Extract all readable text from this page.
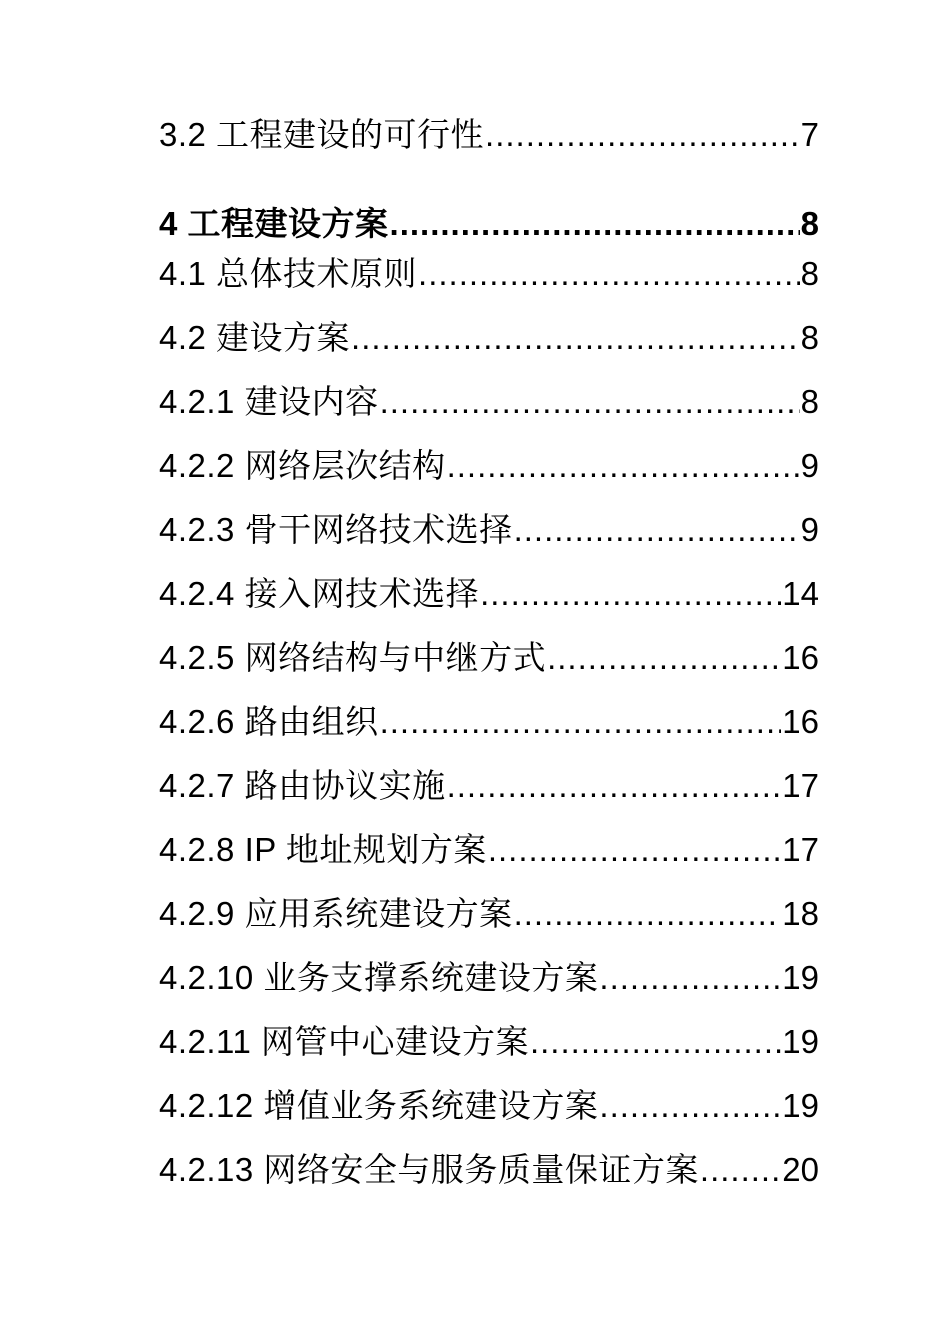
3.2 工程建设的可行性 .....	7
4 工程建设方案 .....	8
4.1 总体技术原则 .....	8
4.2 建设方案 .....	8
4.2.1 建设内容 .....	8
4.2.2 网络层次结构 .....	9
4.2.3 骨干网络技术选择 .....	9
4.2.4 接入网技术选择 .....	14
4.2.5 网络结构与中继方式 .....	16
4.2.6 路由组织 .....	16
4.2.7 路由协议实施 .....	17
4.2.8 IP 地址规划方案 .....	17
4.2.9 应用系统建设方案 .....	18
4.2.10 业务支撑系统建设方案 .....	19
4.2.11 网管中心建设方案 .....	19
4.2.12 增值业务系统建设方案 .....	19
4.2.13 网络安全与服务质量保证方案 .....	20
